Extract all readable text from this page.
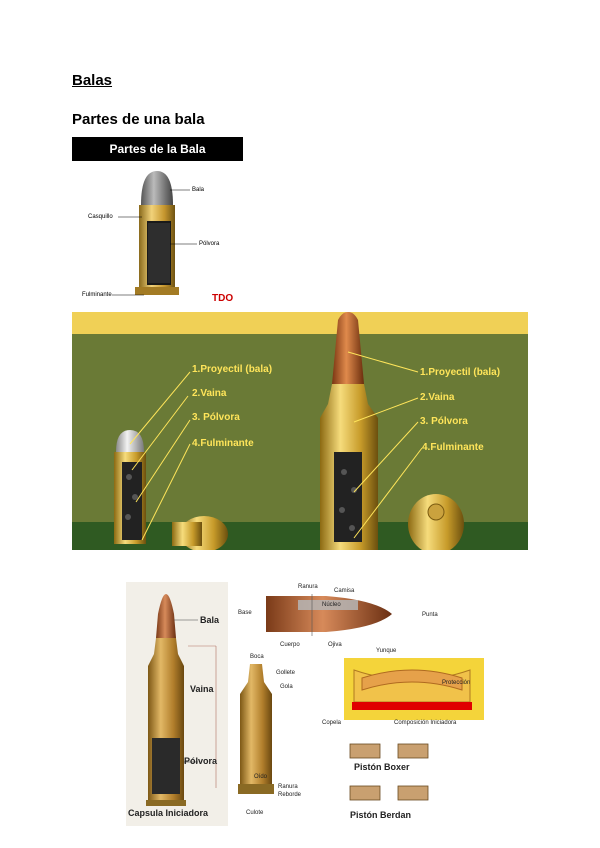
Balas
Partes de una bala
Partes de la Bala
TDO
Bala
Casquillo
Pólvora
Fulminante
1.Proyectil (bala)
2.Vaina
3. Pólvora
4.Fulminante
1.Proyectil (bala)
2.Vaina
3. Pólvora
4.Fulminante
Bala
Vaina
Pólvora
Capsula Iniciadora
Ranura
Camisa
Núcleo
Base	Punta
Cuerpo	Ojiva
Boca
Gollete
Gola
Oído
Ranura
Reborde
Culote
Yunque
Protección
Copela	Composición Iniciadora
Pistón Boxer
Pistón Berdan
